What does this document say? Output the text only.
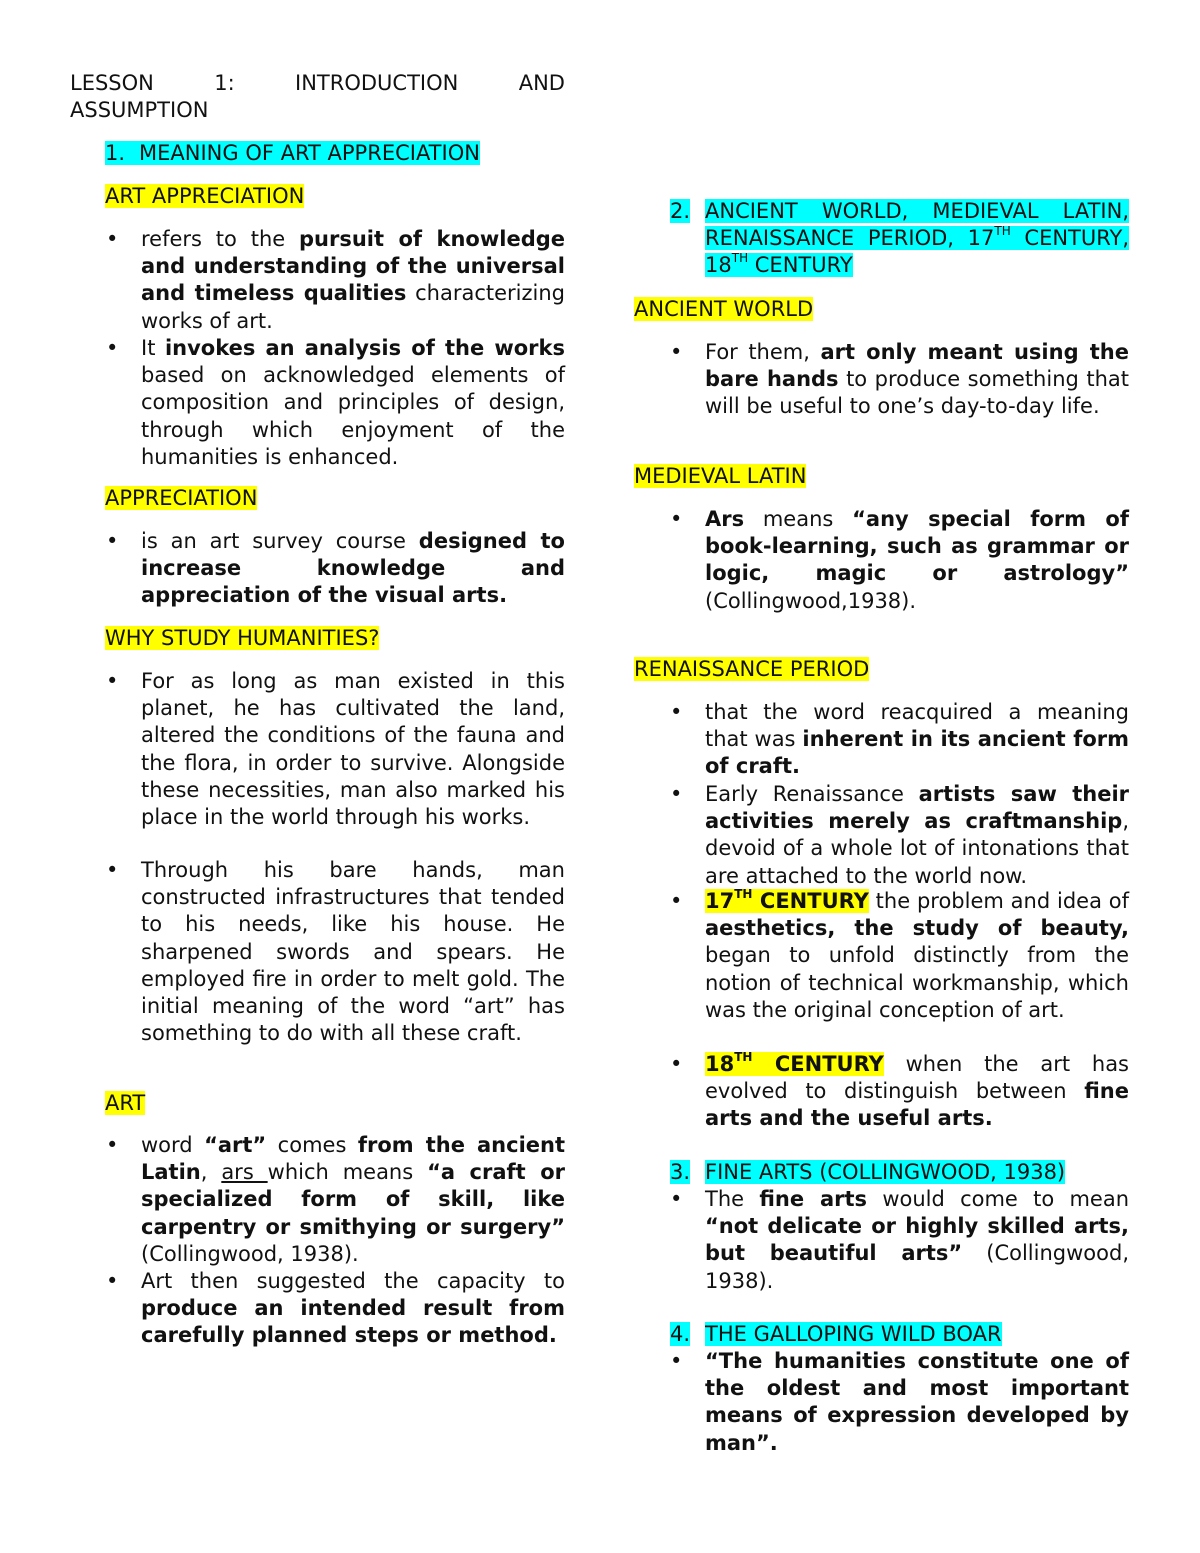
LESSON	1:	INTRODUCTION	AND
ASSUMPTION
1. MEANING OF ART APPRECIATION
ART APPRECIATION
• refers to the pursuit of knowledge and understanding of the universal and timeless qualities characterizing works of art.
• It invokes an analysis of the works based on acknowledged elements of composition and principles of design, through which enjoyment of the humanities is enhanced.
APPRECIATION
• is an art survey course designed to increase knowledge and appreciation of the visual arts.
WHY STUDY HUMANITIES?
• For as long as man existed in this planet, he has cultivated the land, altered the conditions of the fauna and the flora, in order to survive. Alongside these necessities, man also marked his place in the world through his works.
• Through his bare hands, man constructed infrastructures that tended to his needs, like his house. He sharpened swords and spears. He employed fire in order to melt gold. The initial meaning of the word “art” has something to do with all these craft.
ART
• word “art” comes from the ancient Latin, ars which means “a craft or specialized form of skill, like carpentry or smithying or surgery” (Collingwood, 1938).
• Art then suggested the capacity to produce an intended result from carefully planned steps or method.
2. ANCIENT WORLD, MEDIEVAL LATIN, RENAISSANCE PERIOD, 17TH CENTURY, 18TH CENTURY
ANCIENT WORLD
• For them, art only meant using the bare hands to produce something that will be useful to one’s day-to-day life.
MEDIEVAL LATIN
• Ars means “any special form of book-learning, such as grammar or logic, magic or astrology” (Collingwood,1938).
RENAISSANCE PERIOD
• that the word reacquired a meaning that was inherent in its ancient form of craft.
• Early Renaissance artists saw their activities merely as craftmanship, devoid of a whole lot of intonations that are attached to the world now.
• 17TH CENTURY the problem and idea of aesthetics, the study of beauty, began to unfold distinctly from the notion of technical workmanship, which was the original conception of art.
• 18TH CENTURY when the art has evolved to distinguish between fine arts and the useful arts.
3. FINE ARTS (COLLINGWOOD, 1938)
• The fine arts would come to mean “not delicate or highly skilled arts, but beautiful arts” (Collingwood, 1938).
4. THE GALLOPING WILD BOAR
• “The humanities constitute one of the oldest and most important means of expression developed by man”.
